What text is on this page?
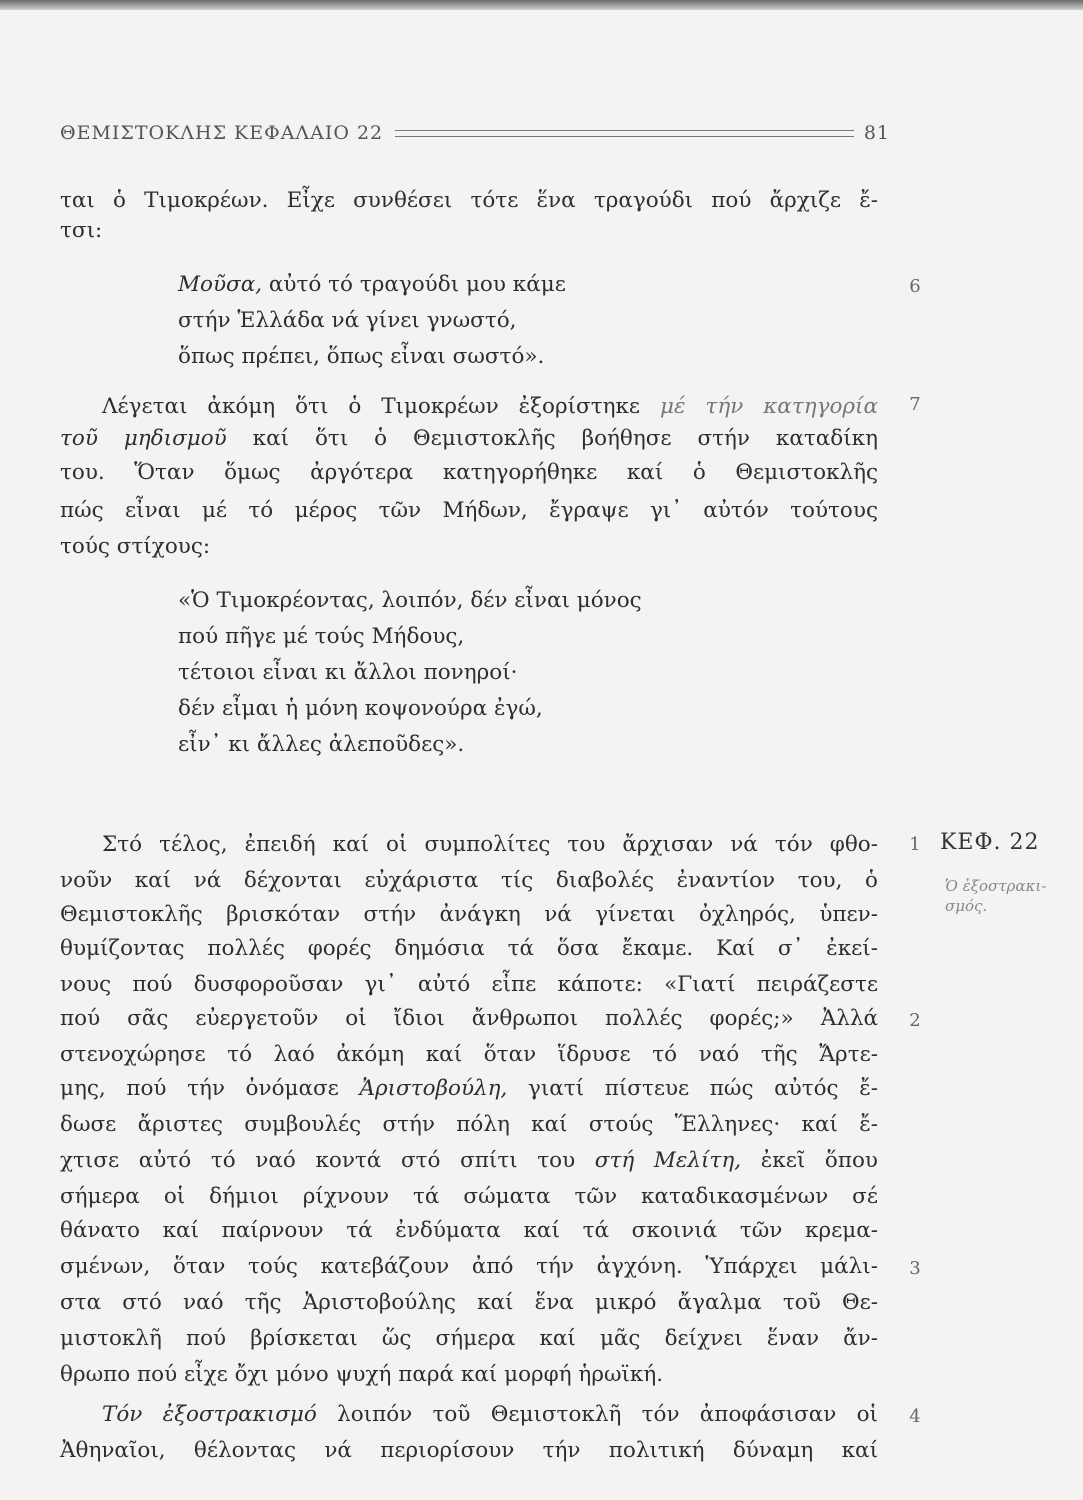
ΘΕΜΙΣΤΟΚΛΗΣ ΚΕΦΑΛΑΙΟ 22	81
ται ὁ Τιμοκρέων. Εἶχε συνθέσει τότε ἕνα τραγούδι πού ἄρχιζε ἔ-
τσι:
Μοῦσα, αὐτό τό τραγούδι μου κάμε
στήν Ἑλλάδα νά γίνει γνωστό,
ὅπως πρέπει, ὅπως εἶναι σωστό».
Λέγεται ἀκόμη ὅτι ὁ Τιμοκρέων ἐξορίστηκε μέ τήν κατηγορία
τοῦ μηδισμοῦ καί ὅτι ὁ Θεμιστοκλῆς βοήθησε στήν καταδίκη
του. Ὅταν ὅμως ἀργότερα κατηγορήθηκε καί ὁ Θεμιστοκλῆς
πώς εἶναι μέ τό μέρος τῶν Μήδων, ἔγραψε γι᾿ αὐτόν τούτους
τούς στίχους:
«Ὁ Τιμοκρέοντας, λοιπόν, δέν εἶναι μόνος
πού πῆγε μέ τούς Μήδους,
τέτοιοι εἶναι κι ἄλλοι πονηροί·
δέν εἶμαι ἡ μόνη κοψονούρα ἐγώ,
εἶν᾿ κι ἄλλες ἀλεποῦδες».
Στό τέλος, ἐπειδή καί οἱ συμπολίτες του ἄρχισαν νά τόν φθο-
νοῦν καί νά δέχονται εὐχάριστα τίς διαβολές ἐναντίον του, ὁ
Θεμιστοκλῆς βρισκόταν στήν ἀνάγκη νά γίνεται ὀχληρός, ὑπεν-
θυμίζοντας πολλές φορές δημόσια τά ὅσα ἔκαμε. Καί σ᾿ ἐκεί-
νους πού δυσφοροῦσαν γι᾿ αὐτό εἶπε κάποτε: «Γιατί πειράζεστε
πού σᾶς εὐεργετοῦν οἱ ἴδιοι ἄνθρωποι πολλές φορές;» Ἀλλά
στενοχώρησε τό λαό ἀκόμη καί ὅταν ἵδρυσε τό ναό τῆς Ἄρτε-
μης, πού τήν ὀνόμασε Ἀριστοβούλη, γιατί πίστευε πώς αὐτός ἔ-
δωσε ἄριστες συμβουλές στήν πόλη καί στούς Ἕλληνες· καί ἔ-
χτισε αὐτό τό ναό κοντά στό σπίτι του στή Μελίτη, ἐκεῖ ὅπου
σήμερα οἱ δήμιοι ρίχνουν τά σώματα τῶν καταδικασμένων σέ
θάνατο καί παίρνουν τά ἐνδύματα καί τά σκοινιά τῶν κρεμα-
σμένων, ὅταν τούς κατεβάζουν ἀπό τήν ἀγχόνη. Ὑπάρχει μάλι-
στα στό ναό τῆς Ἀριστοβούλης καί ἕνα μικρό ἄγαλμα τοῦ Θε-
μιστοκλῆ πού βρίσκεται ὥς σήμερα καί μᾶς δείχνει ἕναν ἄν-
θρωπο πού εἶχε ὄχι μόνο ψυχή παρά καί μορφή ἡρωϊκή.
Τόν ἐξοστρακισμό λοιπόν τοῦ Θεμιστοκλῆ τόν ἀποφάσισαν οἱ
Ἀθηναῖοι, θέλοντας νά περιορίσουν τήν πολιτική δύναμη καί
6
7
1
2
3
4
ΚΕΦ. 22
Ὁ ἐξοστρακι-σμός.
